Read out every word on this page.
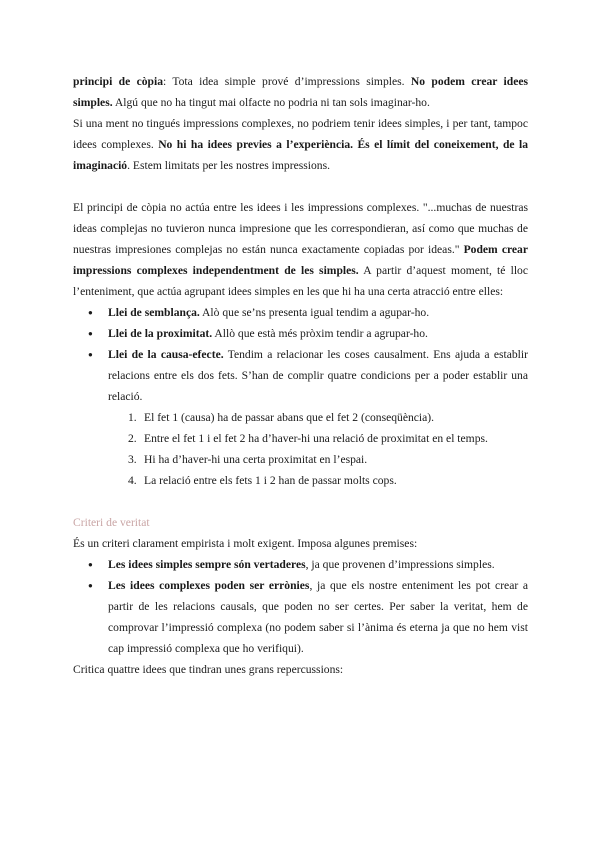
principi de còpia: Tota idea simple prové d’impressions simples. No podem crear idees simples. Algú que no ha tingut mai olfacte no podria ni tan sols imaginar-ho.

Si una ment no tingués impressions complexes, no podriem tenir idees simples, i per tant, tampoc idees complexes. No hi ha idees previes a l’experiència. És el límit del coneixement, de la imaginació. Estem limitats per les nostres impressions.

El principi de còpia no actúa entre les idees i les impressions complexes. "...muchas de nuestras ideas complejas no tuvieron nunca impresione que les correspondieran, así como que muchas de nuestras impresiones complejas no están nunca exactamente copiadas por ideas." Podem crear impressions complexes independentment de les simples. A partir d’aquest moment, té lloc l’enteniment, que actúa agrupant idees simples en les que hi ha una certa atracció entre elles:

● Llei de semblança. Alò que se’ns presenta igual tendim a agupar-ho.
● Llei de la proximitat. Allò que està més pròxim tendir a agrupar-ho.
● Llei de la causa-efecte. Tendim a relacionar les coses causalment. Ens ajuda a establir relacions entre els dos fets. S’han de complir quatre condicions per a poder establir una relació.
1. El fet 1 (causa) ha de passar abans que el fet 2 (conseqüència).
2. Entre el fet 1 i el fet 2 ha d’haver-hi una relació de proximitat en el temps.
3. Hi ha d’haver-hi una certa proximitat en l’espai.
4. La relació entre els fets 1 i 2 han de passar molts cops.

Criteri de veritat

És un criteri clarament empirista i molt exigent. Imposa algunes premises:

● Les idees simples sempre són vertaderes, ja que provenen d’impressions simples.
● Les idees complexes poden ser errònies, ja que els nostre enteniment les pot crear a partir de les relacions causals, que poden no ser certes. Per saber la veritat, hem de comprovar l’impressió complexa (no podem saber si l’ànima és eterna ja que no hem vist cap impressió complexa que ho verifiqui).

Critica quattre idees que tindran unes grans repercussions:
